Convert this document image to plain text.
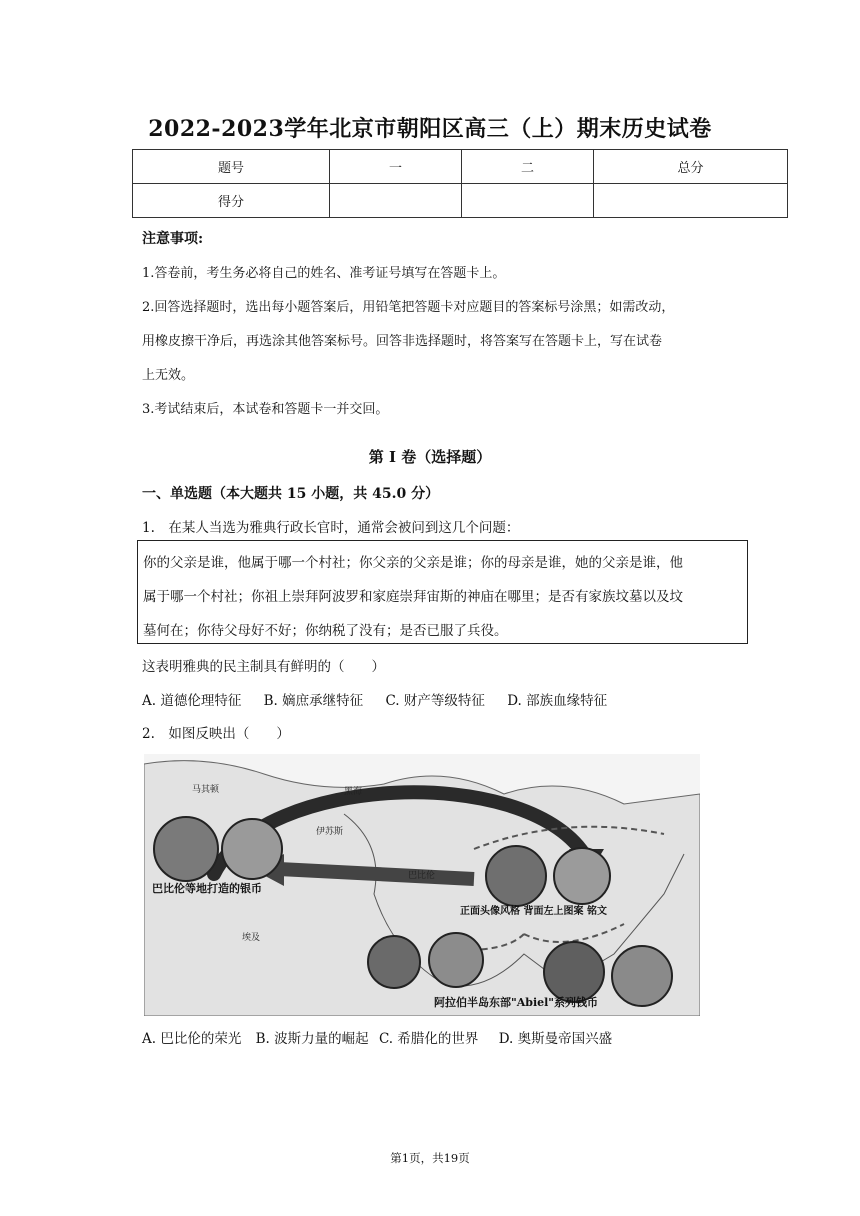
2022-2023学年北京市朝阳区高三（上）期末历史试卷
题号	一	二	总分
得分			
注意事项:
1.答卷前，考生务必将自己的姓名、准考证号填写在答题卡上。
2.回答选择题时，选出每小题答案后，用铅笔把答题卡对应题目的答案标号涂黑；如需改动，
用橡皮擦干净后，再选涂其他答案标号。回答非选择题时，将答案写在答题卡上，写在试卷
上无效。
3.考试结束后，本试卷和答题卡一并交回。
第 I 卷（选择题）
一、单选题（本大题共 15 小题，共 45.0 分）
1.　在某人当选为雅典行政长官时，通常会被问到这几个问题：
你的父亲是谁，他属于哪一个村社；你父亲的父亲是谁；你的母亲是谁，她的父亲是谁，他
属于哪一个村社；你祖上崇拜阿波罗和家庭崇拜宙斯的神庙在哪里；是否有家族坟墓以及坟
墓何在；你待父母好不好；你纳税了没有；是否已服了兵役。
这表明雅典的民主制具有鲜明的（　　）
A. 道德伦理特征 B. 嫡庶承继特征 C. 财产等级特征 D. 部族血缘特征
2.　如图反映出（　　）
马其顿	黑海
伊苏斯
巴比伦
埃及
巴比伦等地打造的银币
正面头像风格 背面左上图案 铭文
阿拉伯半岛东部"Abiel"系列钱币
A. 巴比伦的荣光 B. 波斯力量的崛起 C. 希腊化的世界 D. 奥斯曼帝国兴盛
第1页，共19页
